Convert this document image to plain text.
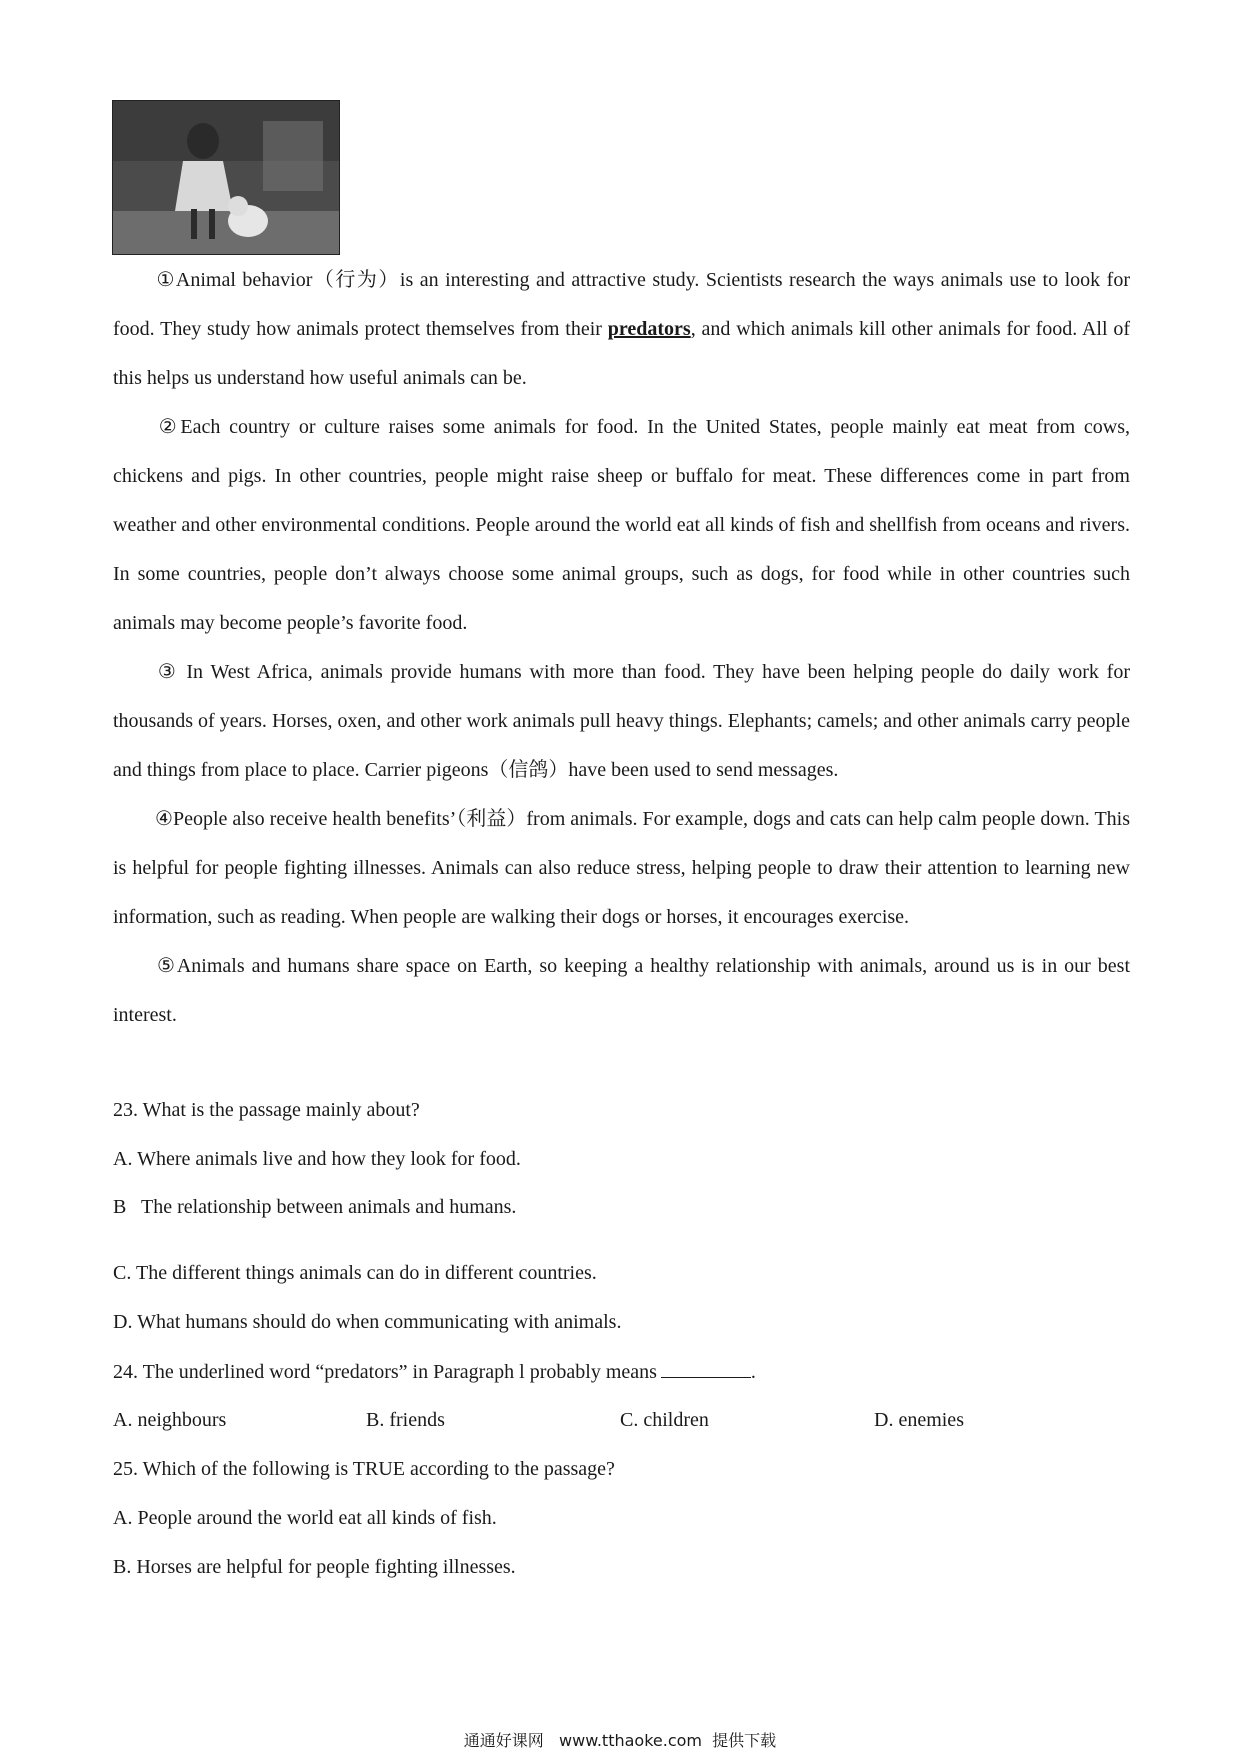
①Animal behavior（行为）is an interesting and attractive study. Scientists research the ways animals use to look for food. They study how animals protect themselves from their predators, and which animals kill other animals for food. All of this helps us understand how useful animals can be.

②Each country or culture raises some animals for food. In the United States, people mainly eat meat from cows, chickens and pigs. In other countries, people might raise sheep or buffalo for meat. These differences come in part from weather and other environmental conditions. People around the world eat all kinds of fish and shellfish from oceans and rivers. In some countries, people don’t always choose some animal groups, such as dogs, for food while in other countries such animals may become people’s favorite food.

③ In West Africa, animals provide humans with more than food. They have been helping people do daily work for thousands of years. Horses, oxen, and other work animals pull heavy things. Elephants; camels; and other animals carry people and things from place to place. Carrier pigeons（信鸽）have been used to send messages.

④People also receive health benefits’（利益）from animals. For example, dogs and cats can help calm people down. This is helpful for people fighting illnesses. Animals can also reduce stress, helping people to draw their attention to learning new information, such as reading. When people are walking their dogs or horses, it encourages exercise.

⑤Animals and humans share space on Earth, so keeping a healthy relationship with animals, around us is in our best interest.

23. What is the passage mainly about?
A. Where animals live and how they look for food.
B   The relationship between animals and humans.
C. The different things animals can do in different countries.
D. What humans should do when communicating with animals.
24. The underlined word “predators” in Paragraph l probably means	.
A. neighbours	B. friends	C. children	D. enemies
25. Which of the following is TRUE according to the passage?
A. People around the world eat all kinds of fish.
B. Horses are helpful for people fighting illnesses.
通通好课网   www.tthaoke.com  提供下载
